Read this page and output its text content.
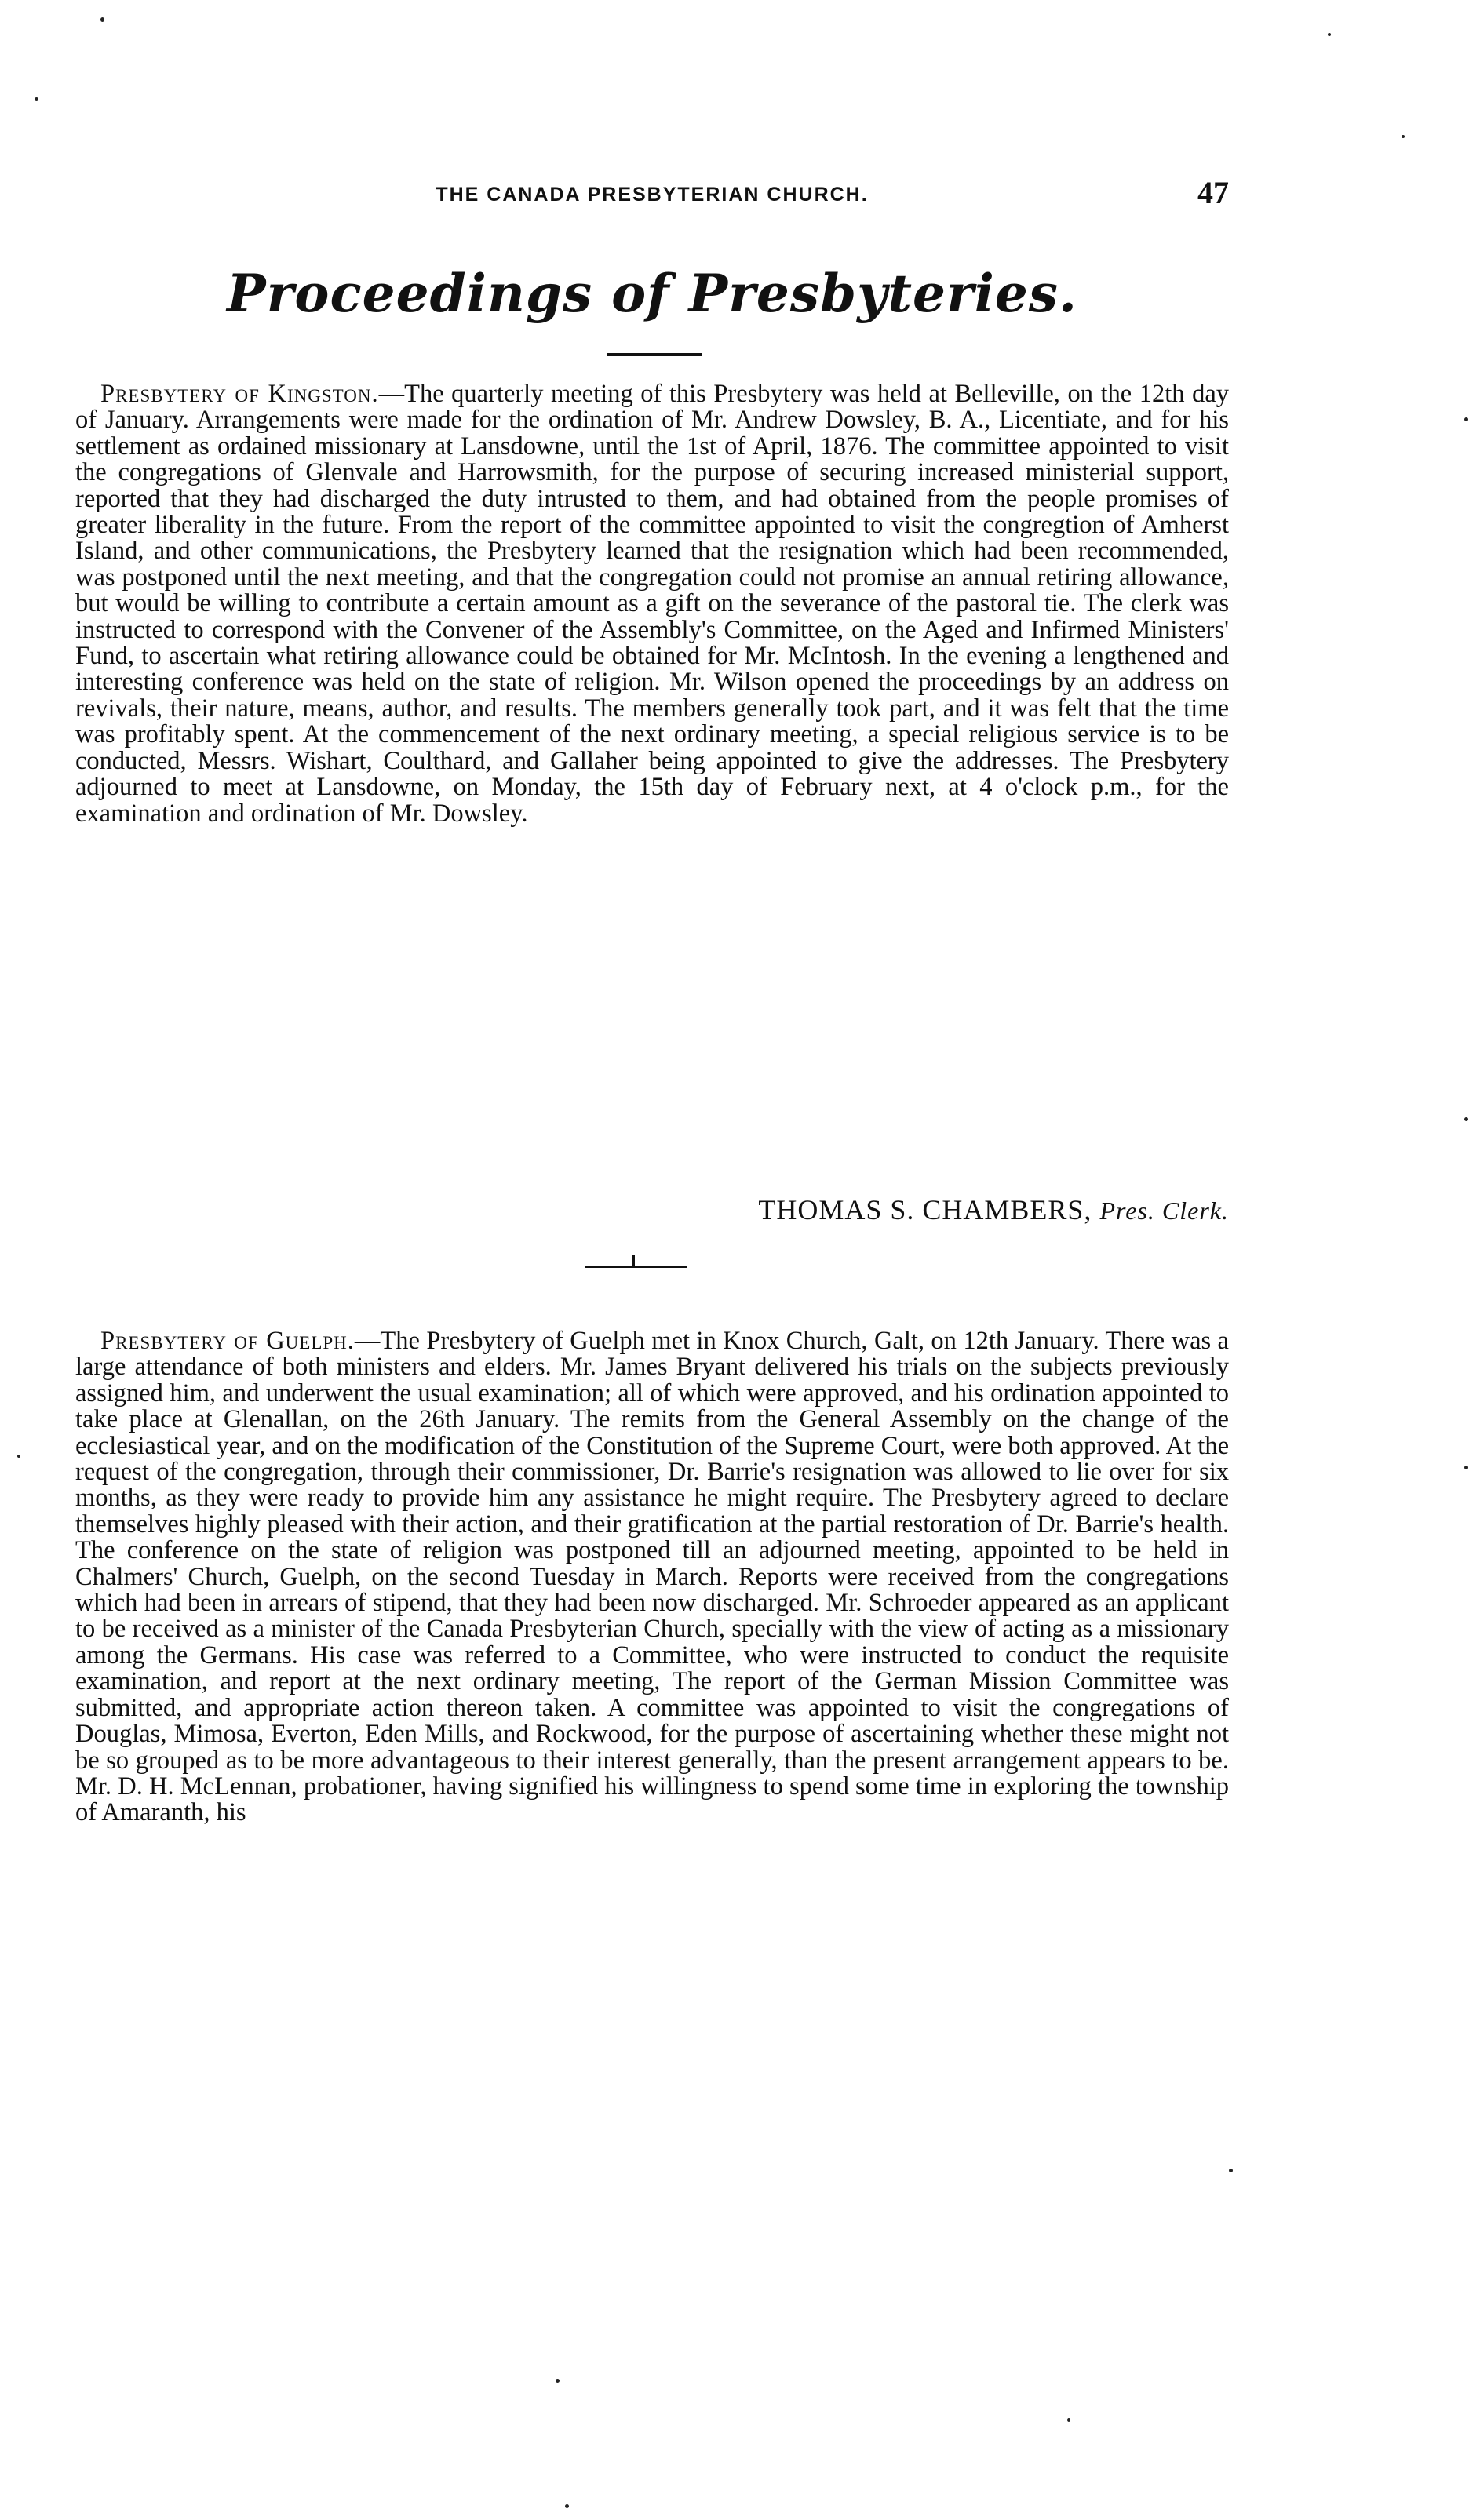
THE CANADA PRESBYTERIAN CHURCH.	47
Proceedings of Presbyteries.

Presbytery of Kingston.—The quarterly meeting of this Presbytery was held at Belleville, on the 12th day of January. Arrangements were made for the ordination of Mr. Andrew Dowsley, B. A., Licentiate, and for his settlement as ordained missionary at Lansdowne, until the 1st of April, 1876. The committee appointed to visit the congregations of Glenvale and Harrowsmith, for the purpose of securing increased ministerial support, reported that they had discharged the duty intrusted to them, and had obtained from the people promises of greater liberality in the future. From the report of the committee appointed to visit the congregtion of Amherst Island, and other communications, the Presbytery learned that the resignation which had been recommended, was postponed until the next meeting, and that the congregation could not promise an annual retiring allowance, but would be willing to contribute a certain amount as a gift on the severance of the pastoral tie. The clerk was instructed to correspond with the Convener of the Assembly's Committee, on the Aged and Infirmed Ministers' Fund, to ascertain what retiring allowance could be obtained for Mr. McIntosh. In the evening a lengthened and interesting conference was held on the state of religion. Mr. Wilson opened the proceedings by an address on revivals, their nature, means, author, and results. The members generally took part, and it was felt that the time was profitably spent. At the commencement of the next ordinary meeting, a special religious service is to be conducted, Messrs. Wishart, Coulthard, and Gallaher being appointed to give the addresses. The Presbytery adjourned to meet at Lansdowne, on Monday, the 15th day of February next, at 4 o'clock p.m., for the examination and ordination of Mr. Dowsley.

THOMAS S. CHAMBERS, Pres. Clerk.

Presbytery of Guelph.—The Presbytery of Guelph met in Knox Church, Galt, on 12th January. There was a large attendance of both ministers and elders. Mr. James Bryant delivered his trials on the subjects previously assigned him, and underwent the usual examination; all of which were approved, and his ordination appointed to take place at Glenallan, on the 26th January. The remits from the General Assembly on the change of the ecclesiastical year, and on the modification of the Constitution of the Supreme Court, were both approved. At the request of the congregation, through their commissioner, Dr. Barrie's resignation was allowed to lie over for six months, as they were ready to provide him any assistance he might require. The Presbytery agreed to declare themselves highly pleased with their action, and their gratification at the partial restoration of Dr. Barrie's health. The conference on the state of religion was postponed till an adjourned meeting, appointed to be held in Chalmers' Church, Guelph, on the second Tuesday in March. Reports were received from the congregations which had been in arrears of stipend, that they had been now discharged. Mr. Schroeder appeared as an applicant to be received as a minister of the Canada Presbyterian Church, specially with the view of acting as a missionary among the Germans. His case was referred to a Committee, who were instructed to conduct the requisite examination, and report at the next ordinary meeting, The report of the German Mission Committee was submitted, and appropriate action thereon taken. A committee was appointed to visit the congregations of Douglas, Mimosa, Everton, Eden Mills, and Rockwood, for the purpose of ascertaining whether these might not be so grouped as to be more advantageous to their interest generally, than the present arrangement appears to be. Mr. D. H. McLennan, probationer, having signified his willingness to spend some time in exploring the township of Amaranth, his
